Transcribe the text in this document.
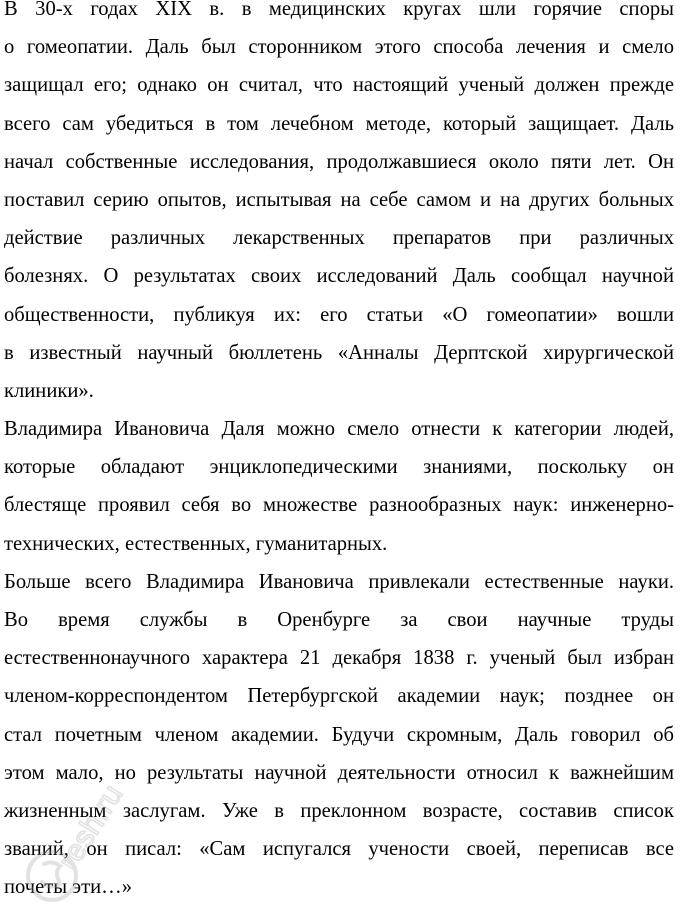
В 30-х годах XIX в. в медицинских кругах шли горячие споры
о гомеопатии. Даль был сторонником этого способа лечения и смело
защищал его; однако он считал, что настоящий ученый должен прежде
всего сам убедиться в том лечебном методе, который защищает. Даль
начал собственные исследования, продолжавшиеся около пяти лет. Он
поставил серию опытов, испытывая на себе самом и на других больных
действие различных лекарственных препаратов при различных
болезнях. О результатах своих исследований Даль сообщал научной
общественности, публикуя их: его статьи «О гомеопатии» вошли
в известный научный бюллетень «Анналы Дерптской хирургической
клиники».
Владимира Ивановича Даля можно смело отнести к категории людей,
которые обладают энциклопедическими знаниями, поскольку он
блестяще проявил себя во множестве разнообразных наук: инженерно-
технических, естественных, гуманитарных.
Больше всего Владимира Ивановича привлекали естественные науки.
Во время службы в Оренбурге за свои научные труды
естественнонаучного характера 21 декабря 1838 г. ученый был избран
членом-корреспондентом Петербургской академии наук; позднее он
стал почетным членом академии. Будучи скромным, Даль говорил об
этом мало, но результаты научной деятельности относил к важнейшим
жизненным заслугам. Уже в преклонном возрасте, составив список
званий, он писал: «Сам испугался учености своей, переписав все
почеты эти…»
resh.ru
